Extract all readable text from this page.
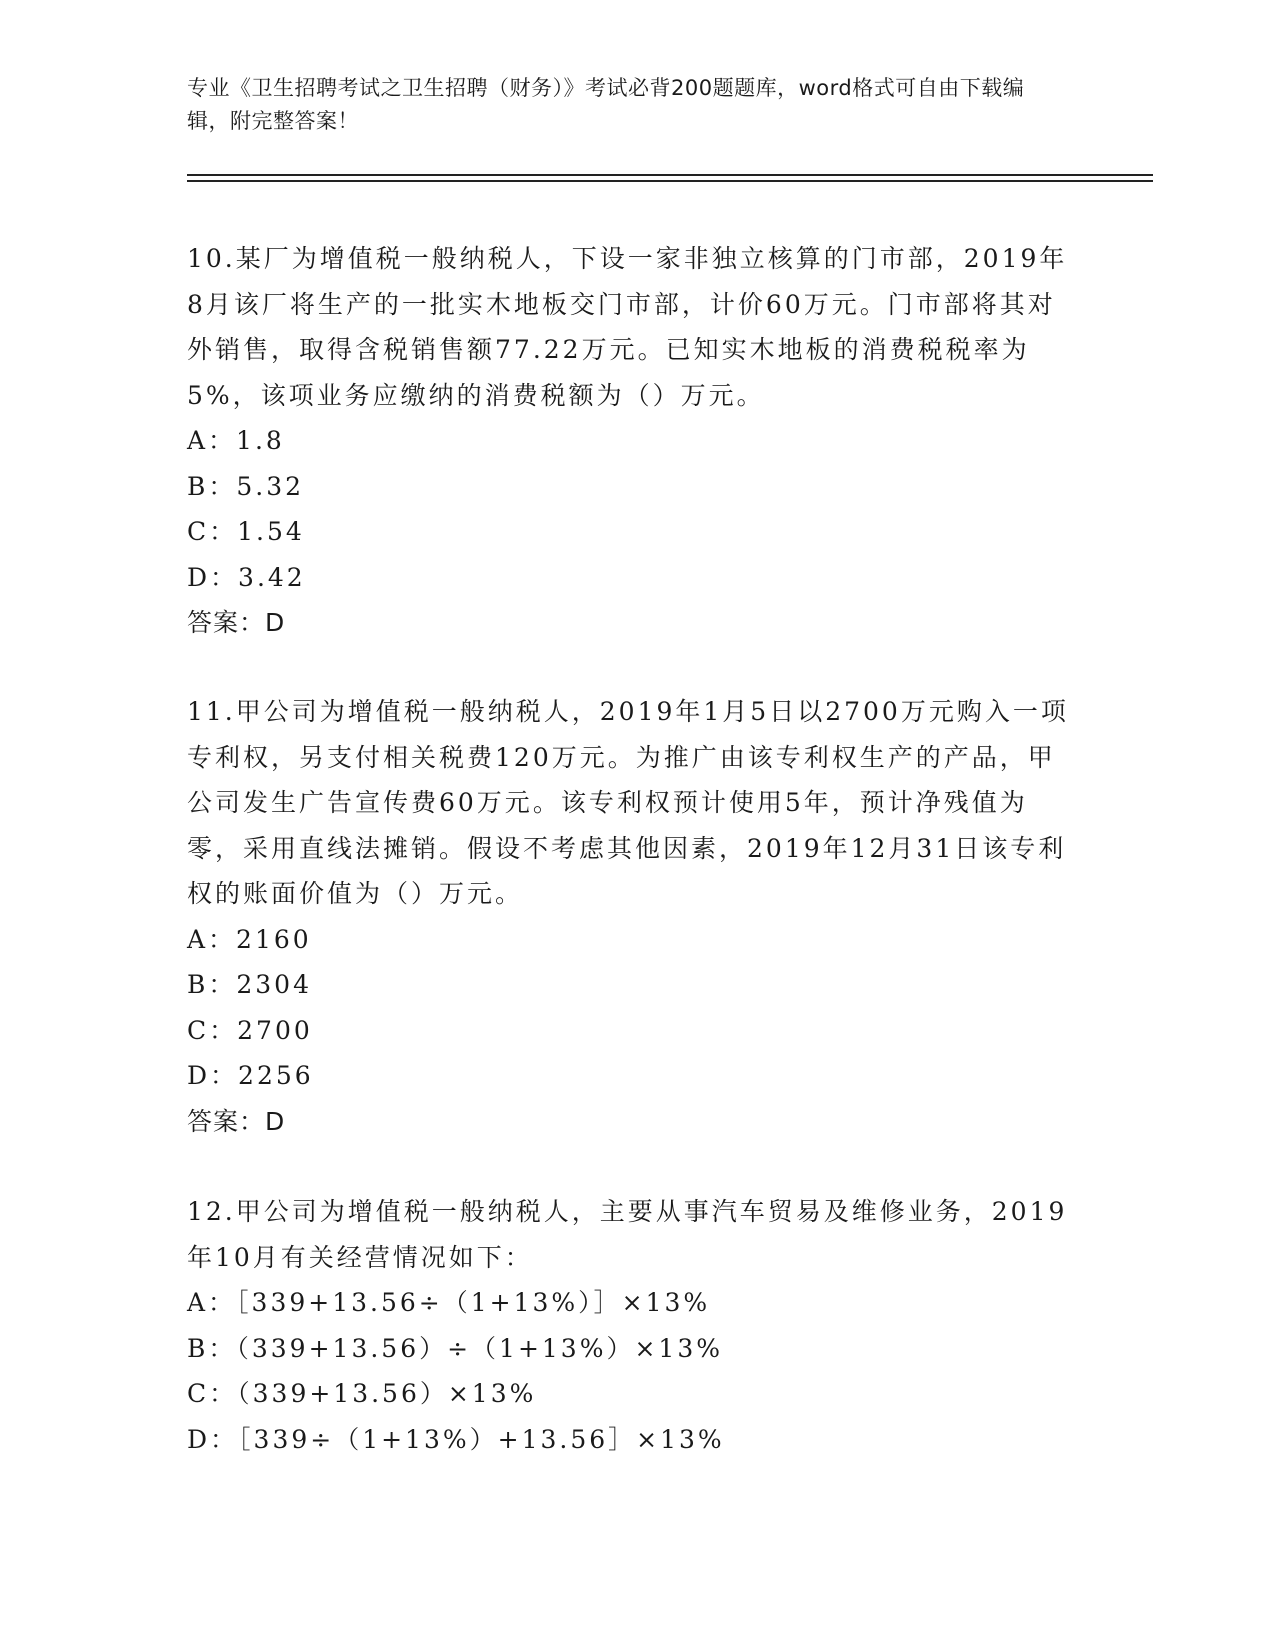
专业《卫生招聘考试之卫生招聘（财务）》考试必背200题题库，word格式可自由下载编辑，附完整答案！

10.某厂为增值税一般纳税人，下设一家非独立核算的门市部，2019年8月该厂将生产的一批实木地板交门市部，计价60万元。门市部将其对外销售，取得含税销售额77.22万元。已知实木地板的消费税税率为5%，该项业务应缴纳的消费税额为（）万元。

A：1.8

B：5.32

C：1.54

D：3.42

答案：D

11.甲公司为增值税一般纳税人，2019年1月5日以2700万元购入一项专利权，另支付相关税费120万元。为推广由该专利权生产的产品，甲公司发生广告宣传费60万元。该专利权预计使用5年，预计净残值为零，采用直线法摊销。假设不考虑其他因素，2019年12月31日该专利权的账面价值为（）万元。

A：2160

B：2304

C：2700

D：2256

答案：D

12.甲公司为增值税一般纳税人，主要从事汽车贸易及维修业务，2019年10月有关经营情况如下：

A：［339+13.56÷（1+13%）］×13%

B：（339+13.56）÷（1+13%）×13%

C：（339+13.56）×13%

D：［339÷（1+13%）+13.56］×13%
